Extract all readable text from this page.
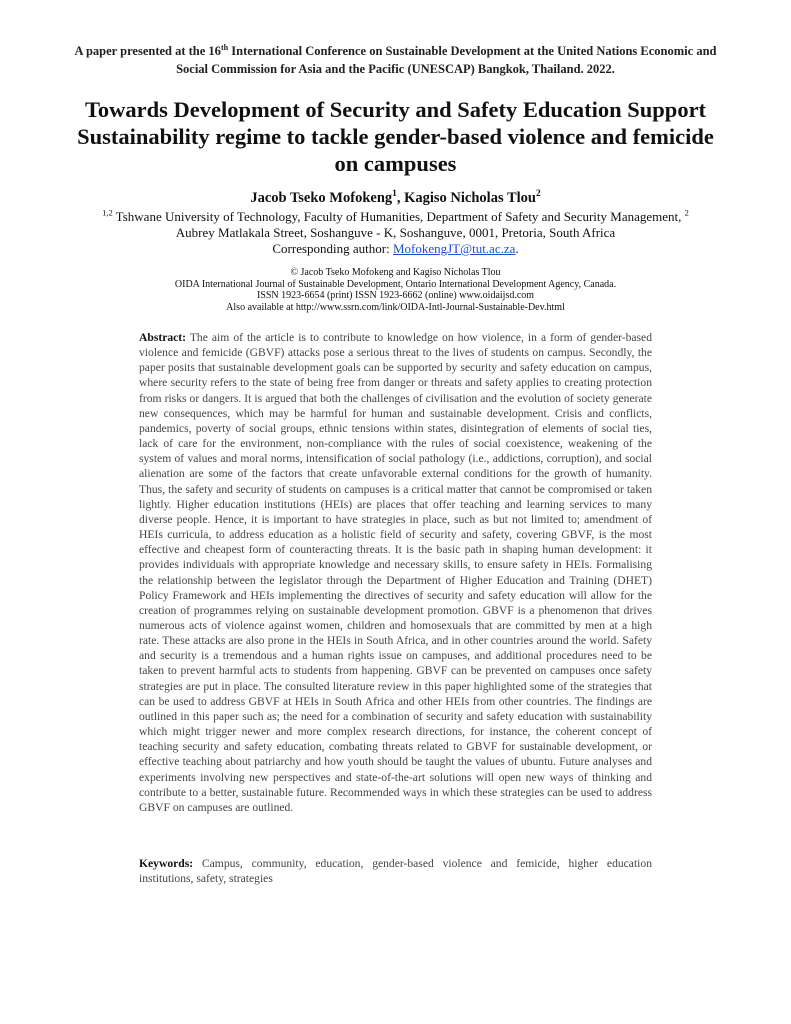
A paper presented at the 16th International Conference on Sustainable Development at the United Nations Economic and Social Commission for Asia and the Pacific (UNESCAP) Bangkok, Thailand. 2022.
Towards Development of Security and Safety Education Support Sustainability regime to tackle gender-based violence and femicide on campuses
Jacob Tseko Mofokeng$^1$, Kagiso Nicholas Tlou$^2$
$^{1,2}$ Tshwane University of Technology, Faculty of Humanities, Department of Safety and Security Management, $^2$
Aubrey Matlakala Street, Soshanguve - K, Soshanguve, 0001, Pretoria, South Africa
Corresponding author: MofokengJT@tut.ac.za.
© Jacob Tseko Mofokeng and Kagiso Nicholas Tlou
OIDA International Journal of Sustainable Development, Ontario International Development Agency, Canada.
ISSN 1923-6654 (print) ISSN 1923-6662 (online) www.oidaijsd.com
Also available at http://www.ssrn.com/link/OIDA-Intl-Journal-Sustainable-Dev.html
Abstract: The aim of the article is to contribute to knowledge on how violence, in a form of gender-based violence and femicide (GBVF) attacks pose a serious threat to the lives of students on campus. Secondly, the paper posits that sustainable development goals can be supported by security and safety education on campus, where security refers to the state of being free from danger or threats and safety applies to creating protection from risks or dangers. It is argued that both the challenges of civilisation and the evolution of society generate new consequences, which may be harmful for human and sustainable development. Crisis and conflicts, pandemics, poverty of social groups, ethnic tensions within states, disintegration of elements of social ties, lack of care for the environment, non-compliance with the rules of social coexistence, weakening of the system of values and moral norms, intensification of social pathology (i.e., addictions, corruption), and social alienation are some of the factors that create unfavorable external conditions for the growth of humanity. Thus, the safety and security of students on campuses is a critical matter that cannot be compromised or taken lightly. Higher education institutions (HEIs) are places that offer teaching and learning services to many diverse people. Hence, it is important to have strategies in place, such as but not limited to; amendment of HEIs curricula, to address education as a holistic field of security and safety, covering GBVF, is the most effective and cheapest form of counteracting threats. It is the basic path in shaping human development: it provides individuals with appropriate knowledge and necessary skills, to ensure safety in HEIs. Formalising the relationship between the legislator through the Department of Higher Education and Training (DHET) Policy Framework and HEIs implementing the directives of security and safety education will allow for the creation of programmes relying on sustainable development promotion. GBVF is a phenomenon that drives numerous acts of violence against women, children and homosexuals that are committed by men at a high rate. These attacks are also prone in the HEIs in South Africa, and in other countries around the world. Safety and security is a tremendous and a human rights issue on campuses, and additional procedures need to be taken to prevent harmful acts to students from happening. GBVF can be prevented on campuses once safety strategies are put in place. The consulted literature review in this paper highlighted some of the strategies that can be used to address GBVF at HEIs in South Africa and other HEIs from other countries. The findings are outlined in this paper such as; the need for a combination of security and safety education with sustainability which might trigger newer and more complex research directions, for instance, the coherent concept of teaching security and safety education, combating threats related to GBVF for sustainable development, or effective teaching about patriarchy and how youth should be taught the values of ubuntu. Future analyses and experiments involving new perspectives and state-of-the-art solutions will open new ways of thinking and contribute to a better, sustainable future. Recommended ways in which these strategies can be used to address GBVF on campuses are outlined.
Keywords: Campus, community, education, gender-based violence and femicide, higher education institutions, safety, strategies
